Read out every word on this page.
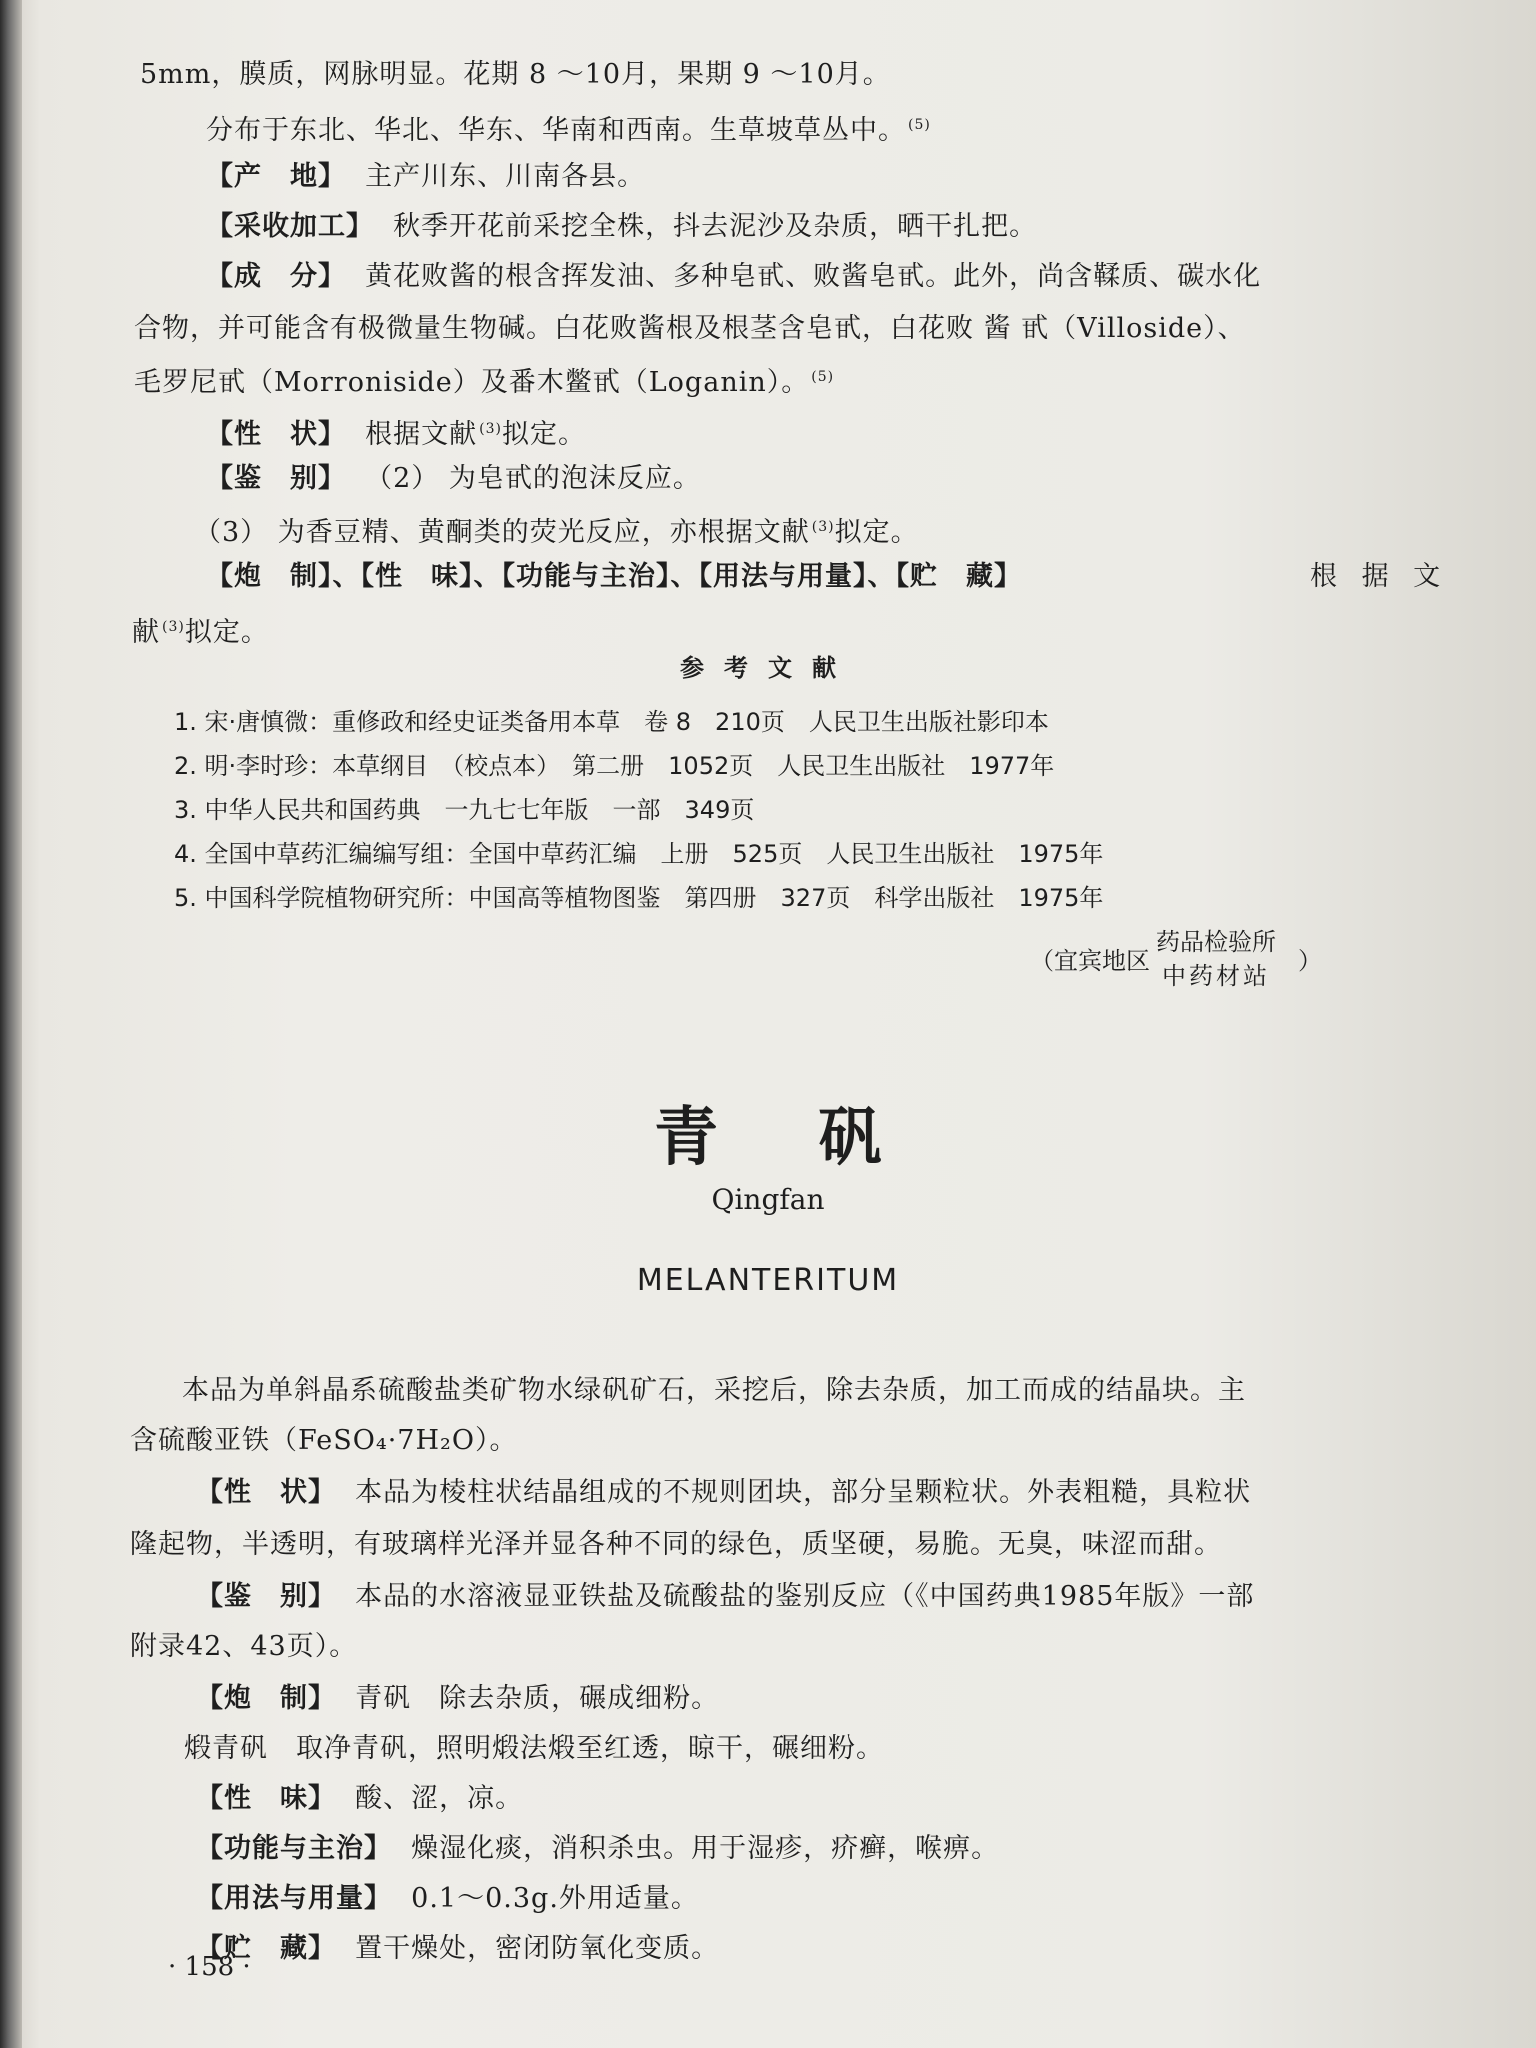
5mm，膜质，网脉明显。花期 8 ～10月，果期 9 ～10月。
分布于东北、华北、华东、华南和西南。生草坡草丛中。 $^{(5)}$
【产　地】 主产川东、川南各县。
【采收加工】 秋季开花前采挖全株，抖去泥沙及杂质，晒干扎把。
【成　分】 黄花败酱的根含挥发油、多种皂甙、败酱皂甙。此外，尚含鞣质、碳水化
合物，并可能含有极微量生物碱。白花败酱根及根茎含皂甙，白花败 酱 甙（Villoside）、
毛罗尼甙（Morroniside）及番木鳖甙（Loganin）。 $^{(5)}$
【性　状】 根据文献 $^{(3)}$拟定。
【鉴　别】 （2） 为皂甙的泡沫反应。
（3） 为香豆精、黄酮类的荧光反应，亦根据文献 $^{(3)}$拟定。
【炮　制】、【性　味】、【功能与主治】、【用法与用量】、【贮　藏】	根 据 文
献 $^{(3)}$拟定。
参考文献
1. 宋·唐慎微：重修政和经史证类备用本草　卷 8　210页　人民卫生出版社影印本
2. 明·李时珍：本草纲目　（校点本）　第二册　1052页　人民卫生出版社　1977年
3. 中华人民共和国药典　一九七七年版　一部　349页
4. 全国中草药汇编编写组：全国中草药汇编　上册　525页　人民卫生出版社　1975年
5. 中国科学院植物研究所：中国高等植物图鉴　第四册　327页　科学出版社　1975年
（宜宾地区
药品检验所
中药材站
）
青矾
Qingfan
MELANTERITUM
本品为单斜晶系硫酸盐类矿物水绿矾矿石，采挖后，除去杂质，加工而成的结晶块。主
含硫酸亚铁（FeSO₄·7H₂O）。
【性　状】 本品为棱柱状结晶组成的不规则团块，部分呈颗粒状。外表粗糙，具粒状
隆起物，半透明，有玻璃样光泽并显各种不同的绿色，质坚硬，易脆。无臭，味涩而甜。
【鉴　别】 本品的水溶液显亚铁盐及硫酸盐的鉴别反应（《中国药典1985年版》一部
附录42、43页）。
【炮　制】 青矾　除去杂质，碾成细粉。
煅青矾　取净青矾，照明煅法煅至红透，晾干，碾细粉。
【性　味】 酸、涩，凉。
【功能与主治】 燥湿化痰，消积杀虫。用于湿疹，疥癣，喉痹。
【用法与用量】 0.1～0.3g.外用适量。
【贮　藏】 置干燥处，密闭防氧化变质。
· 158 ·
